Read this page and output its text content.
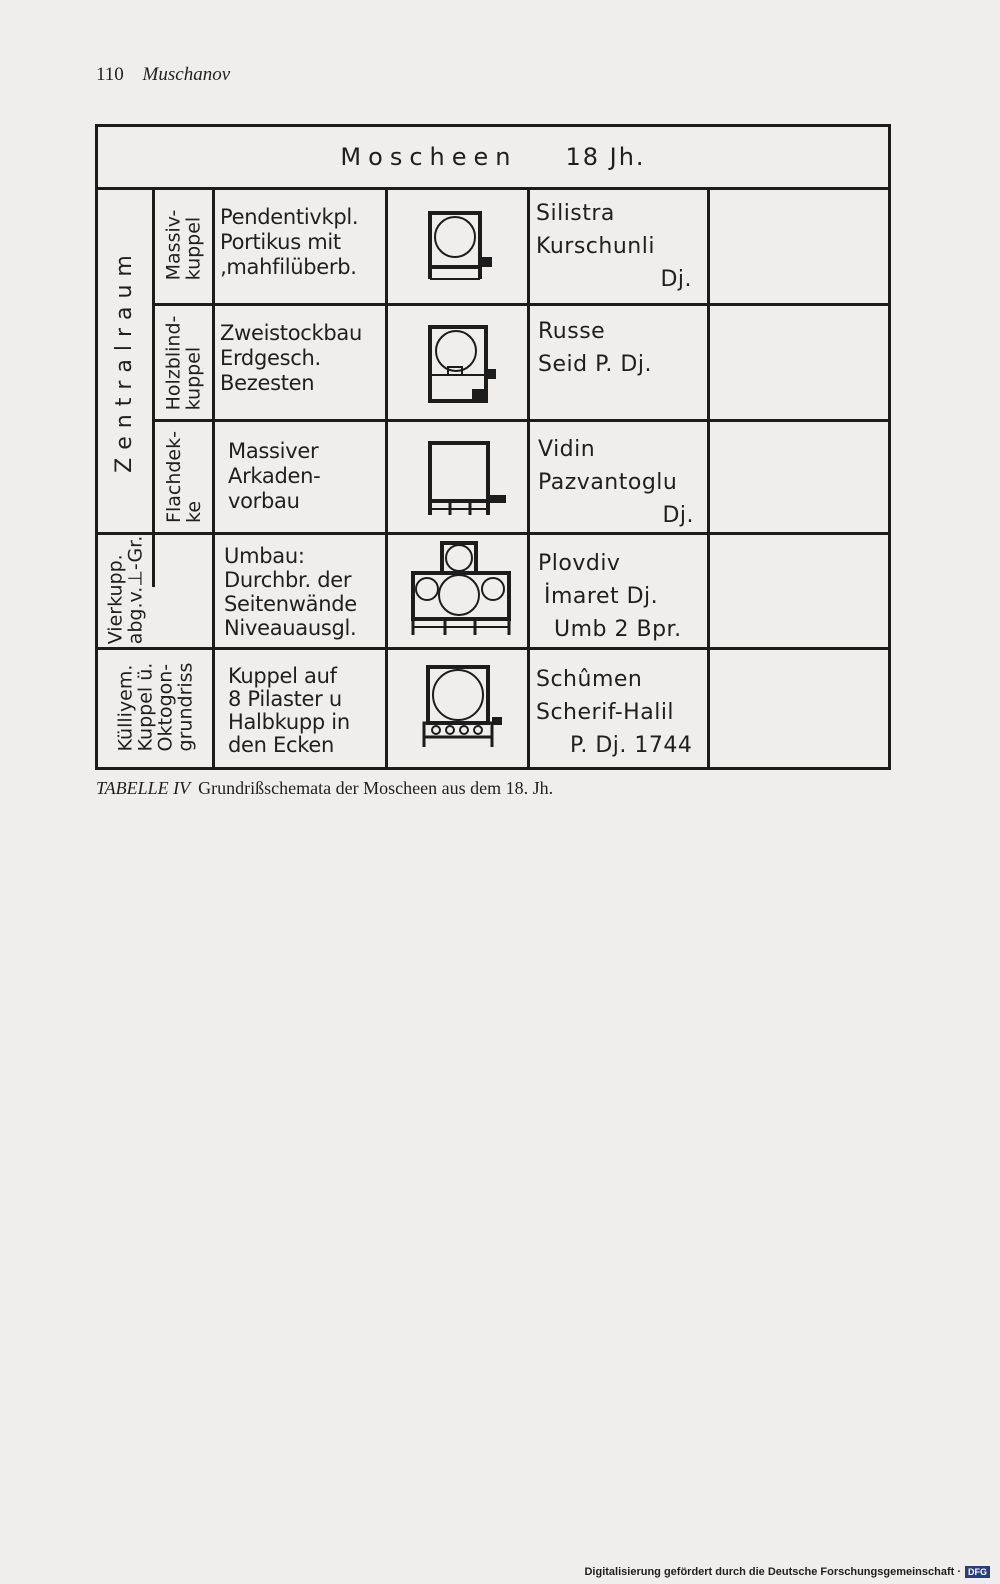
110 Muschanov
Moscheen 18 Jh.
Zentralraum
Vierkupp.
abg.v.⊥-Gr.
Külliyem.
Kuppel ü.
Oktogon-
grundriss
Massiv-
kuppel
Holzblind-
kuppel
Flachdek-
ke
Pendentivkpl.
Portikus mit
‚mahfilüberb.
Zweistockbau
Erdgesch.
Bezesten
Massiver
Arkaden-
vorbau
Umbau:
Durchbr. der
Seitenwände
Niveauausgl.
Kuppel auf
8 Pilaster u
Halbkupp in
den Ecken
Silistra
Kurschunli
Dj.
Russe
Seid P. Dj.
Vidin
Pazvantoglu
Dj.
Plovdiv
İmaret Dj.
Umb 2 Bpr.
Schûmen
Scherif-Halil
P. Dj. 1744
TABELLE IV Grundrißschemata der Moscheen aus dem 18. Jh.
Digitalisierung gefördert durch die Deutsche Forschungsgemeinschaft · DFG
